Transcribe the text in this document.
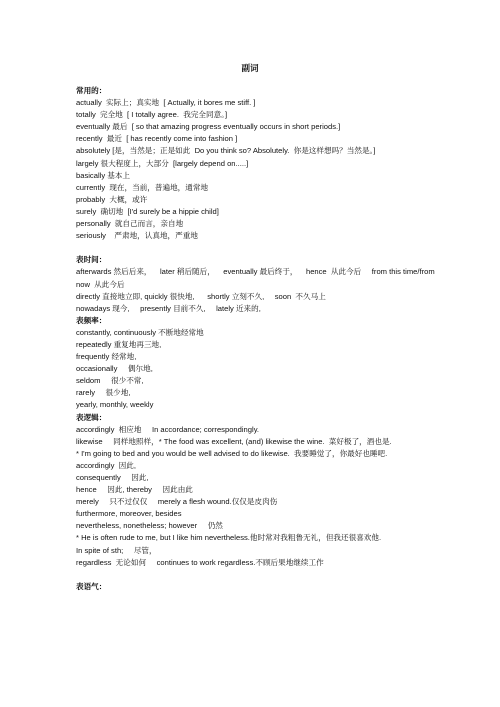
副词
常用的：
actually  实际上；真实地  [ Actually, it bores me stiff. ]
totally  完全地  [ I totally agree.  我完全同意。]
eventually 最后  [ so that amazing progress eventually occurs in short periods.]
recently  最近  [ has recently come into fashion ]
absolutely [是，当然是；正是如此  Do you think so? Absolutely.  你是这样想吗？当然是。]
largely 很大程度上，大部分  [largely depend on.....]
basically 基本上
currently  现在，当前，普遍地，通常地
probably  大概，或许
surely  确切地  [I'd surely be a hippie child]
personally  就自己而言，亲自地
seriously    严肃地，认真地，严重地
表时间：
afterwards 然后后来，    later 稍后随后，    eventually 最后终于，    hence  从此今后     from this time/from now  从此今后
directly 直接地立即, quickly 很快地,      shortly 立刻不久,     soon  不久马上
nowadays 现今,     presently 目前不久,     lately 近来的,
表频率：
constantly, continuously 不断地经常地
repeatedly 重复地再三地,
frequently 经常地,
occasionally     偶尔地,
seldom     很少不常,
rarely     很少地,
yearly, monthly, weekly
表逻辑：
accordingly  相应地     In accordance; correspondingly.
likewise     同样地照样，* The food was excellent, (and) likewise the wine.  菜好极了，酒也是.
* I'm going to bed and you would be well advised to do likewise.  我要睡觉了，你最好也睡吧.
accordingly  因此,
consequently     因此,
hence     因此, thereby     因此由此
merely     只不过仅仅     merely a flesh wound.仅仅是皮肉伤
furthermore, moreover, besides
nevertheless, nonetheless; however     仍然
* He is often rude to me, but I like him nevertheless.他时常对我粗鲁无礼，但我还很喜欢他.
In spite of sth;     尽管，
regardless  无论如何     continues to work regardless.不顾后果地继续工作
表语气：
